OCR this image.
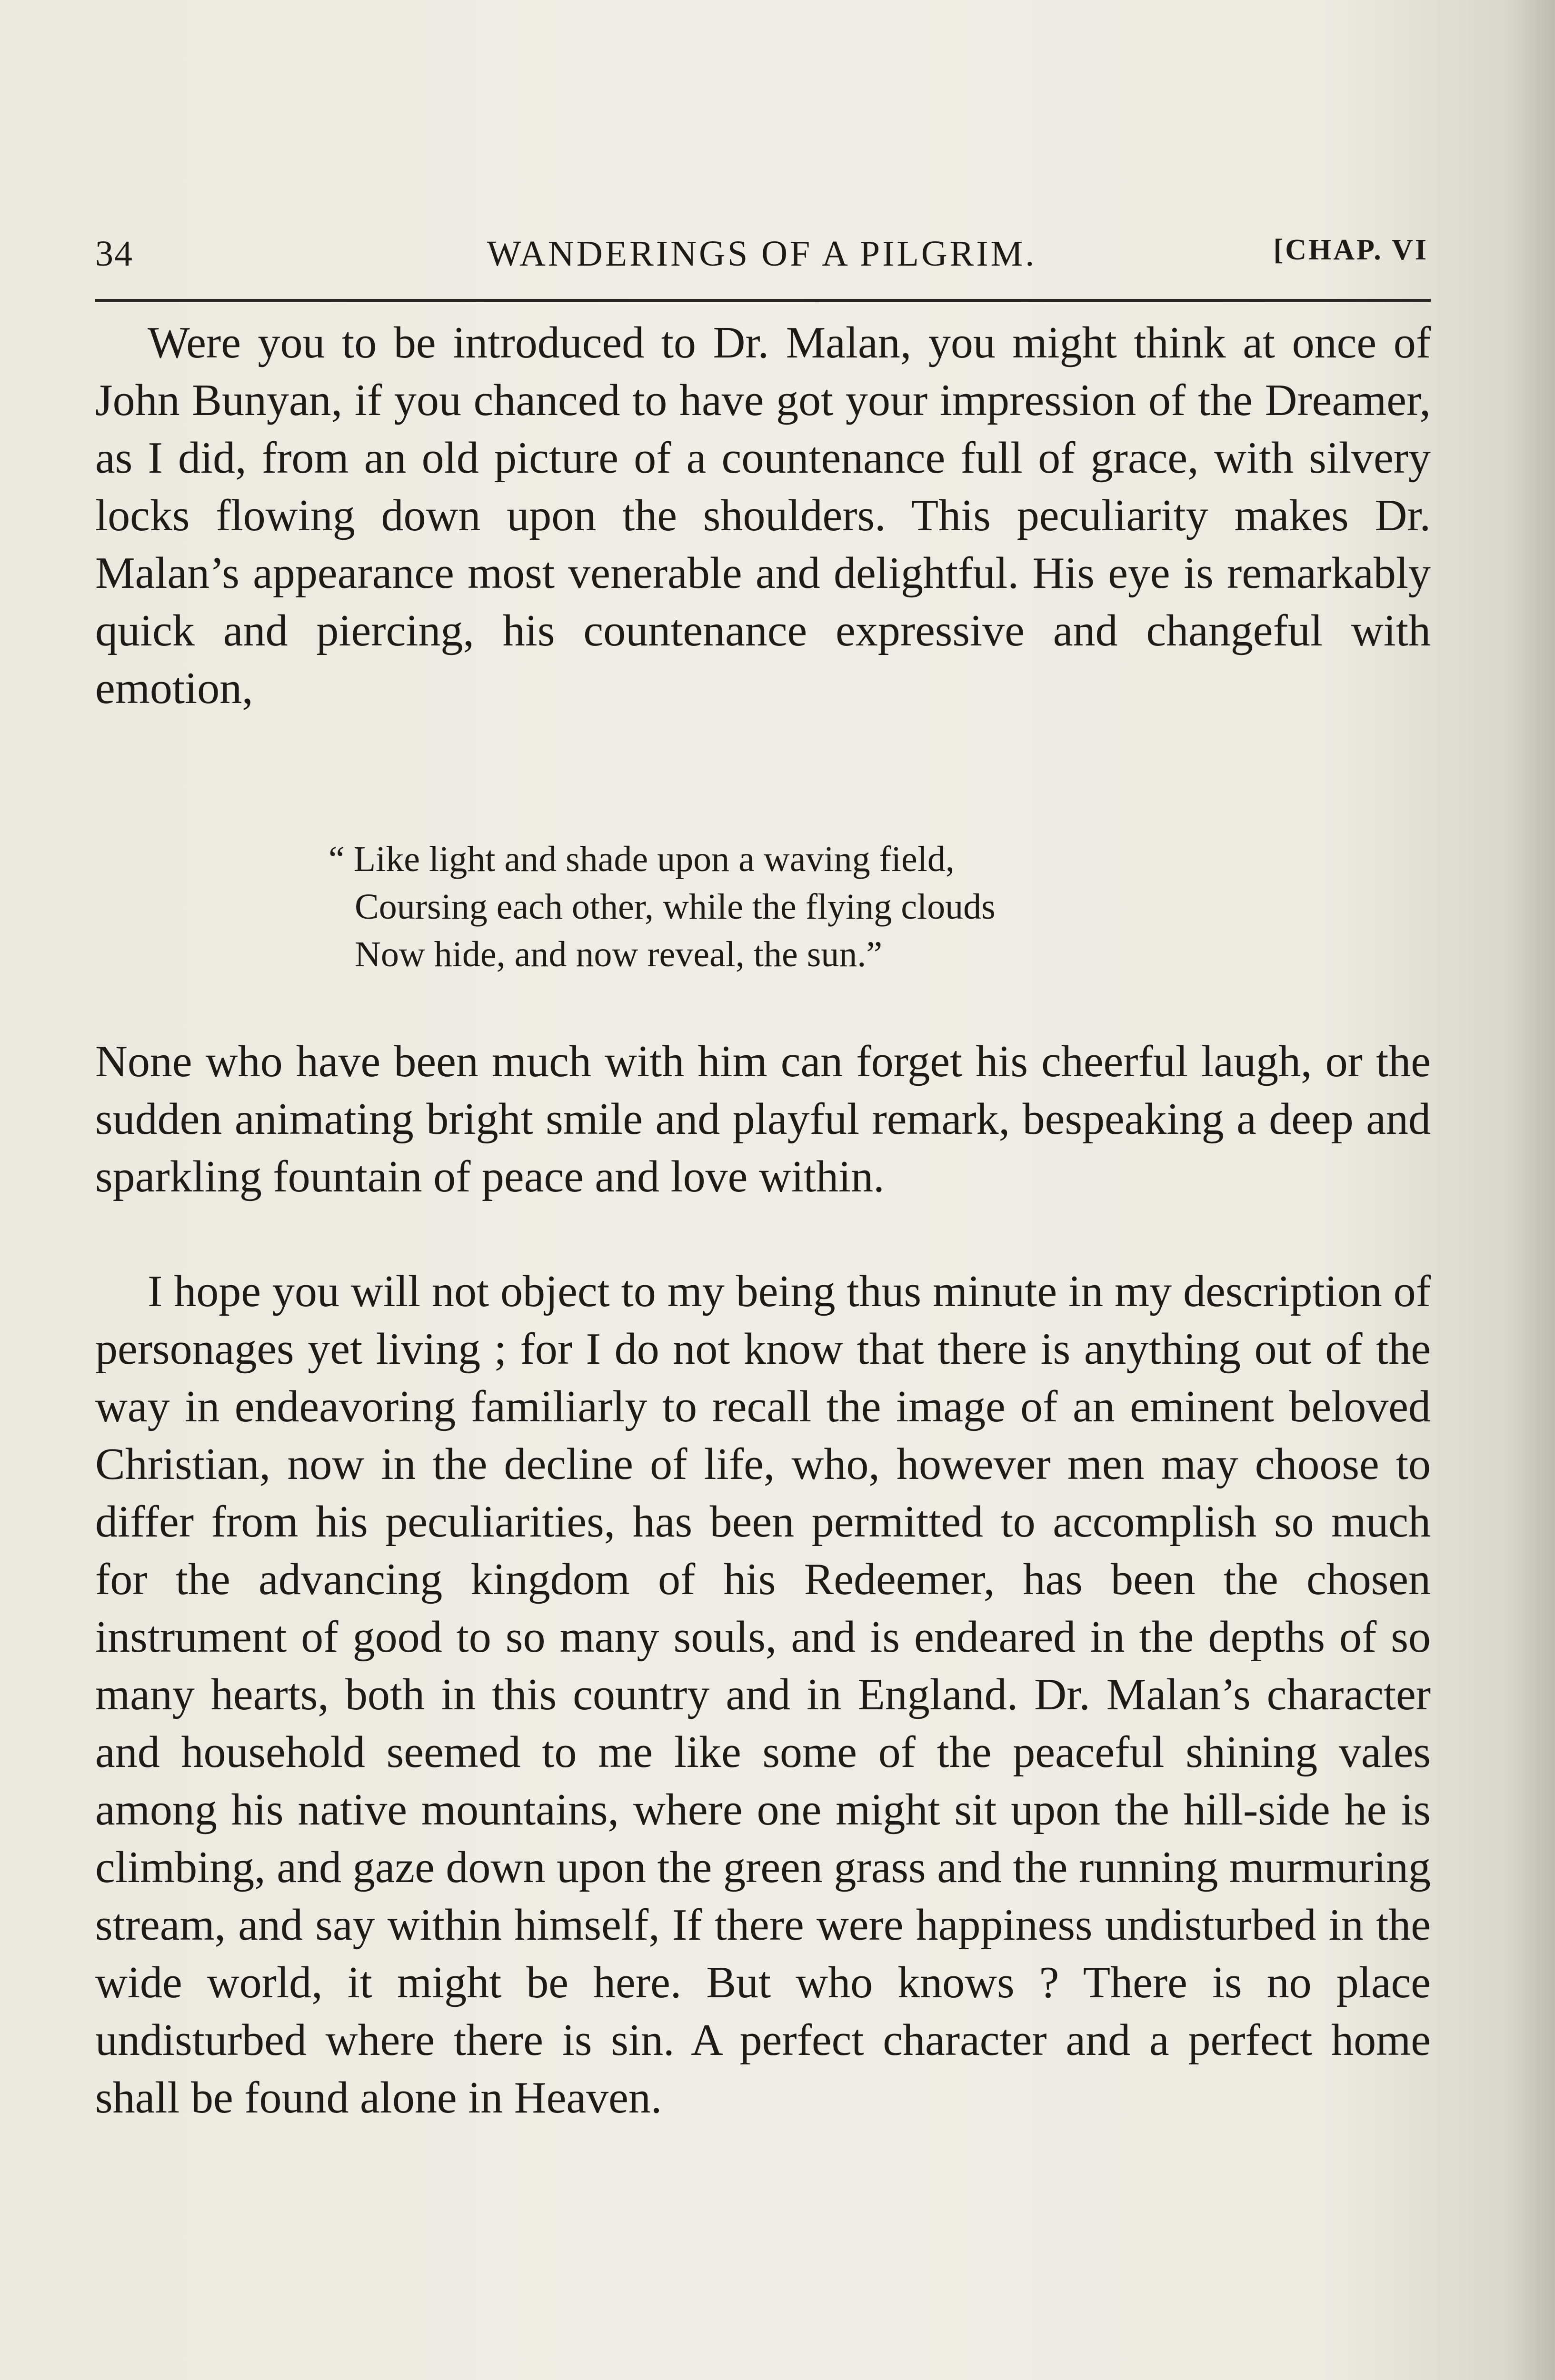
34	WANDERINGS OF A PILGRIM.	[CHAP. VI

Were you to be introduced to Dr. Malan, you might think at once of John Bunyan, if you chanced to have got your impression of the Dreamer, as I did, from an old picture of a countenance full of grace, with silvery locks flowing down upon the shoulders. This peculiarity makes Dr. Malan’s appearance most venerable and delightful. His eye is remarkably quick and piercing, his countenance expressive and changeful with emotion,

“ Like light and shade upon a waving field,
Coursing each other, while the flying clouds
Now hide, and now reveal, the sun.”

None who have been much with him can forget his cheerful laugh, or the sudden animating bright smile and playful remark, bespeaking a deep and sparkling fountain of peace and love within.

I hope you will not object to my being thus minute in my description of personages yet living ; for I do not know that there is anything out of the way in endeavoring familiarly to recall the image of an eminent beloved Christian, now in the decline of life, who, however men may choose to differ from his peculiarities, has been permitted to accomplish so much for the advancing kingdom of his Redeemer, has been the chosen instrument of good to so many souls, and is endeared in the depths of so many hearts, both in this country and in England. Dr. Malan’s character and household seemed to me like some of the peaceful shining vales among his native mountains, where one might sit upon the hill-side he is climbing, and gaze down upon the green grass and the running murmuring stream, and say within himself, If there were happiness undisturbed in the wide world, it might be here. But who knows ? There is no place undisturbed where there is sin. A perfect character and a perfect home shall be found alone in Heaven.
